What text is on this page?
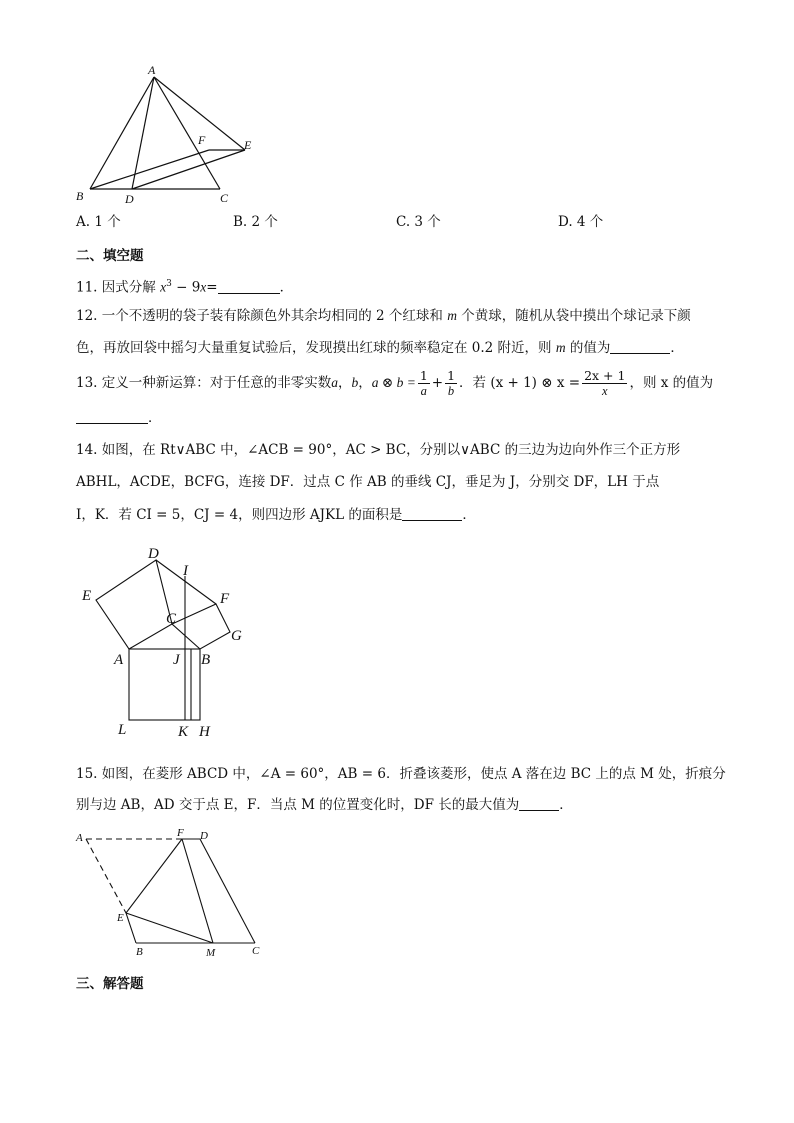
A
F	E
B	D	C
A. 1 个	B. 2 个	C. 3 个	D. 4 个
二、填空题
11. 因式分解 $x^3 - 9x=$	．
12. 一个不透明的袋子装有除颜色外其余均相同的 2 个红球和 m 个黄球，随机从袋中摸出个球记录下颜
色，再放回袋中摇匀大量重复试验后，发现摸出红球的频率稳定在 0.2 附近，则 m 的值为	．
13. 定义一种新运算：对于任意的非零实数 a ， b ， a ⊗ $b = \frac{1}{a} + \frac{1}{b}$ ．若 (x + 1) ⊗ $x = \frac{2x + 1}{x}$ ，则 x 的值为
．
14. 如图，在 Rt∨ABC 中，∠ACB = 90°，AC > BC，分别以∨ABC 的三边为边向外作三个正方形
ABHL，ACDE，BCFG，连接 DF．过点 C 作 AB 的垂线 CJ，垂足为 J，分别交 DF，LH 于点
I，K．若 CI = 5，CJ = 4，则四边形 AJKL 的面积是	．
D
I
E	F
C
G
A	J B
L	K H
15. 如图，在菱形 ABCD 中，∠A = 60°，AB = 6．折叠该菱形，使点 A 落在边 BC 上的点 M 处，折痕分
别与边 AB，AD 交于点 E，F．当点 M 的位置变化时，DF 长的最大值为	．
A	F D
E
B	M	C
三、解答题
